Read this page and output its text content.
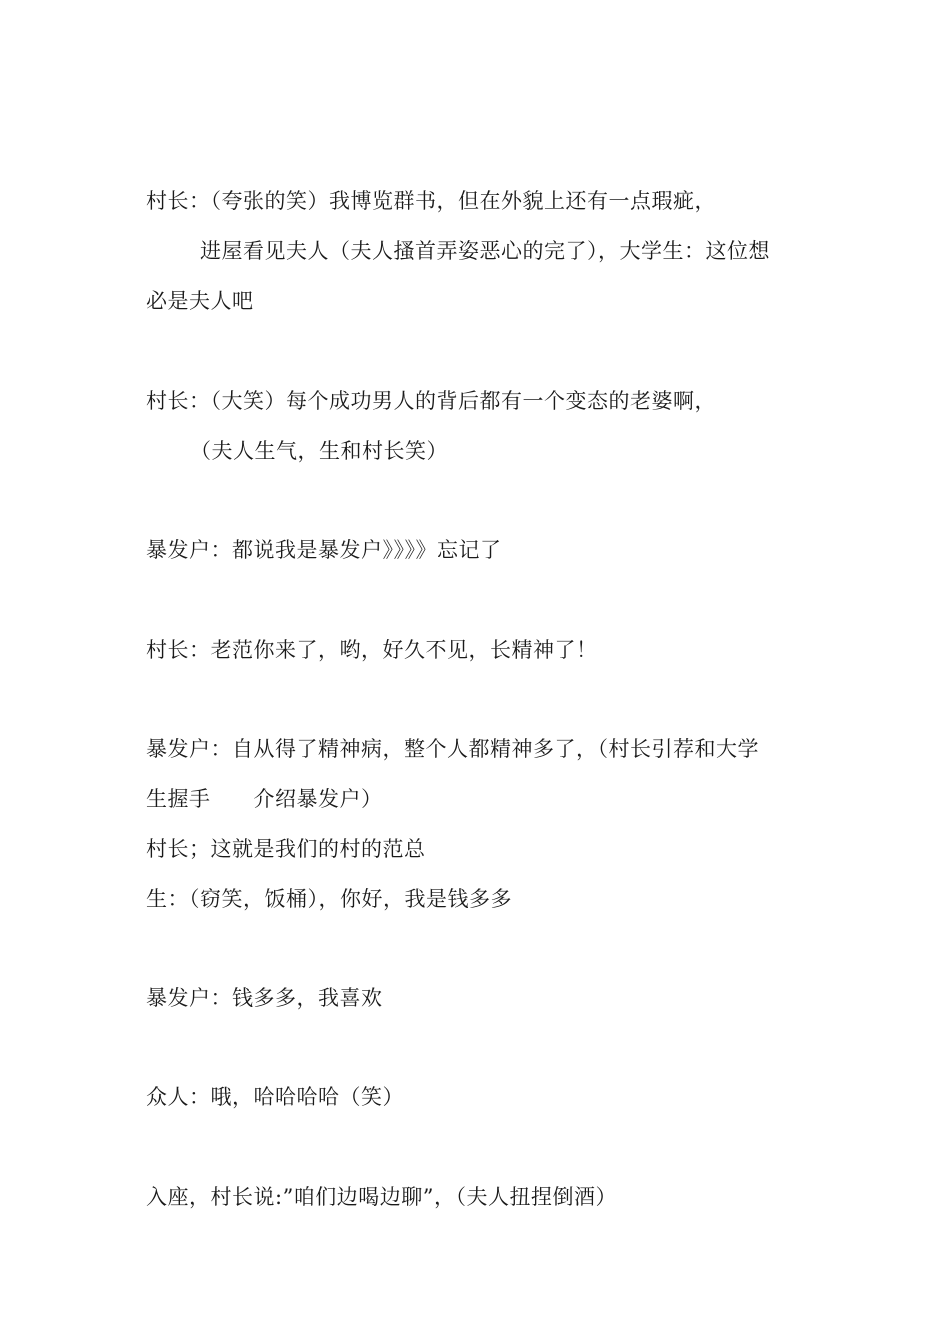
村长：（夸张的笑）我博览群书，但在外貌上还有一点瑕疵，
进屋看见夫人（夫人搔首弄姿恶心的完了），大学生：这位想
必是夫人吧
村长：（大笑）每个成功男人的背后都有一个变态的老婆啊，
（夫人生气，生和村长笑）
暴发户：都说我是暴发户》》》》忘记了
村长：老范你来了，哟，好久不见，长精神了！
暴发户：自从得了精神病，整个人都精神多了，（村长引荐和大学
生握手　　介绍暴发户）
村长；这就是我们的村的范总
生：（窃笑，饭桶），你好，我是钱多多
暴发户：钱多多，我喜欢
众人：哦，哈哈哈哈（笑）
入座，村长说:”咱们边喝边聊”，（夫人扭捏倒酒）
